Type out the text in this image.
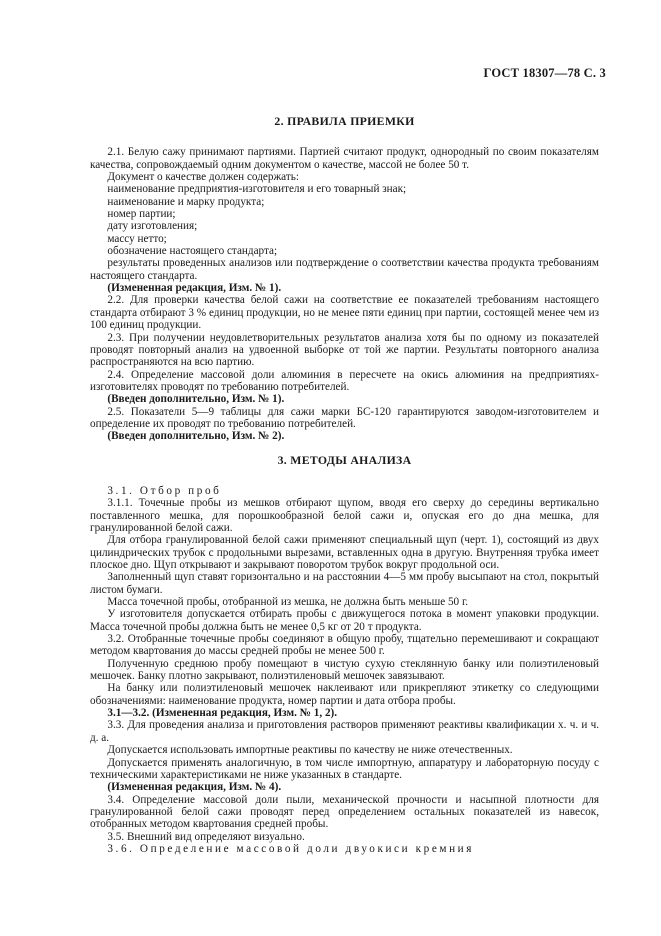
ГОСТ 18307—78 С. 3
2. ПРАВИЛА ПРИЕМКИ

2.1. Белую сажу принимают партиями. Партией считают продукт, однородный по своим показателям качества, сопровождаемый одним документом о качестве, массой не более 50 т.

Документ о качестве должен содержать:

наименование предприятия-изготовителя и его товарный знак;

наименование и марку продукта;

номер партии;

дату изготовления;

массу нетто;

обозначение настоящего стандарта;

результаты проведенных анализов или подтверждение о соответствии качества продукта требованиям настоящего стандарта.

(Измененная редакция, Изм. № 1).

2.2. Для проверки качества белой сажи на соответствие ее показателей требованиям настоящего стандарта отбирают 3 % единиц продукции, но не менее пяти единиц при партии, состоящей менее чем из 100 единиц продукции.

2.3. При получении неудовлетворительных результатов анализа хотя бы по одному из показателей проводят повторный анализ на удвоенной выборке от той же партии. Результаты повторного анализа распространяются на всю партию.

2.4. Определение массовой доли алюминия в пересчете на окись алюминия на предприятиях-изготовителях проводят по требованию потребителей.

(Введен дополнительно, Изм. № 1).

2.5. Показатели 5—9 таблицы для сажи марки БС-120 гарантируются заводом-изготовителем и определение их проводят по требованию потребителей.

(Введен дополнительно, Изм. № 2).

3. МЕТОДЫ АНАЛИЗА

3.1. Отбор проб

3.1.1. Точечные пробы из мешков отбирают щупом, вводя его сверху до середины вертикально поставленного мешка, для порошкообразной белой сажи и, опуская его до дна мешка, для гранулированной белой сажи.

Для отбора гранулированной белой сажи применяют специальный щуп (черт. 1), состоящий из двух цилиндрических трубок с продольными вырезами, вставленных одна в другую. Внутренняя трубка имеет плоское дно. Щуп открывают и закрывают поворотом трубок вокруг продольной оси.

Заполненный щуп ставят горизонтально и на расстоянии 4—5 мм пробу высыпают на стол, покрытый листом бумаги.

Масса точечной пробы, отобранной из мешка, не должна быть меньше 50 г.

У изготовителя допускается отбирать пробы с движущегося потока в момент упаковки продукции. Масса точечной пробы должна быть не менее 0,5 кг от 20 т продукта.

3.2. Отобранные точечные пробы соединяют в общую пробу, тщательно перемешивают и сокращают методом квартования до массы средней пробы не менее 500 г.

Полученную среднюю пробу помещают в чистую сухую стеклянную банку или полиэтиленовый мешочек. Банку плотно закрывают, полиэтиленовый мешочек завязывают.

На банку или полиэтиленовый мешочек наклеивают или прикрепляют этикетку со следующими обозначениями: наименование продукта, номер партии и дата отбора пробы.

3.1—3.2. (Измененная редакция, Изм. № 1, 2).

3.3. Для проведения анализа и приготовления растворов применяют реактивы квалификации х. ч. и ч. д. а.

Допускается использовать импортные реактивы по качеству не ниже отечественных.

Допускается применять аналогичную, в том числе импортную, аппаратуру и лабораторную посуду с техническими характеристиками не ниже указанных в стандарте.

(Измененная редакция, Изм. № 4).

3.4. Определение массовой доли пыли, механической прочности и насыпной плотности для гранулированной белой сажи проводят перед определением остальных показателей из навесок, отобранных методом квартования средней пробы.

3.5. Внешний вид определяют визуально.

3.6. Определение массовой доли двуокиси кремния
